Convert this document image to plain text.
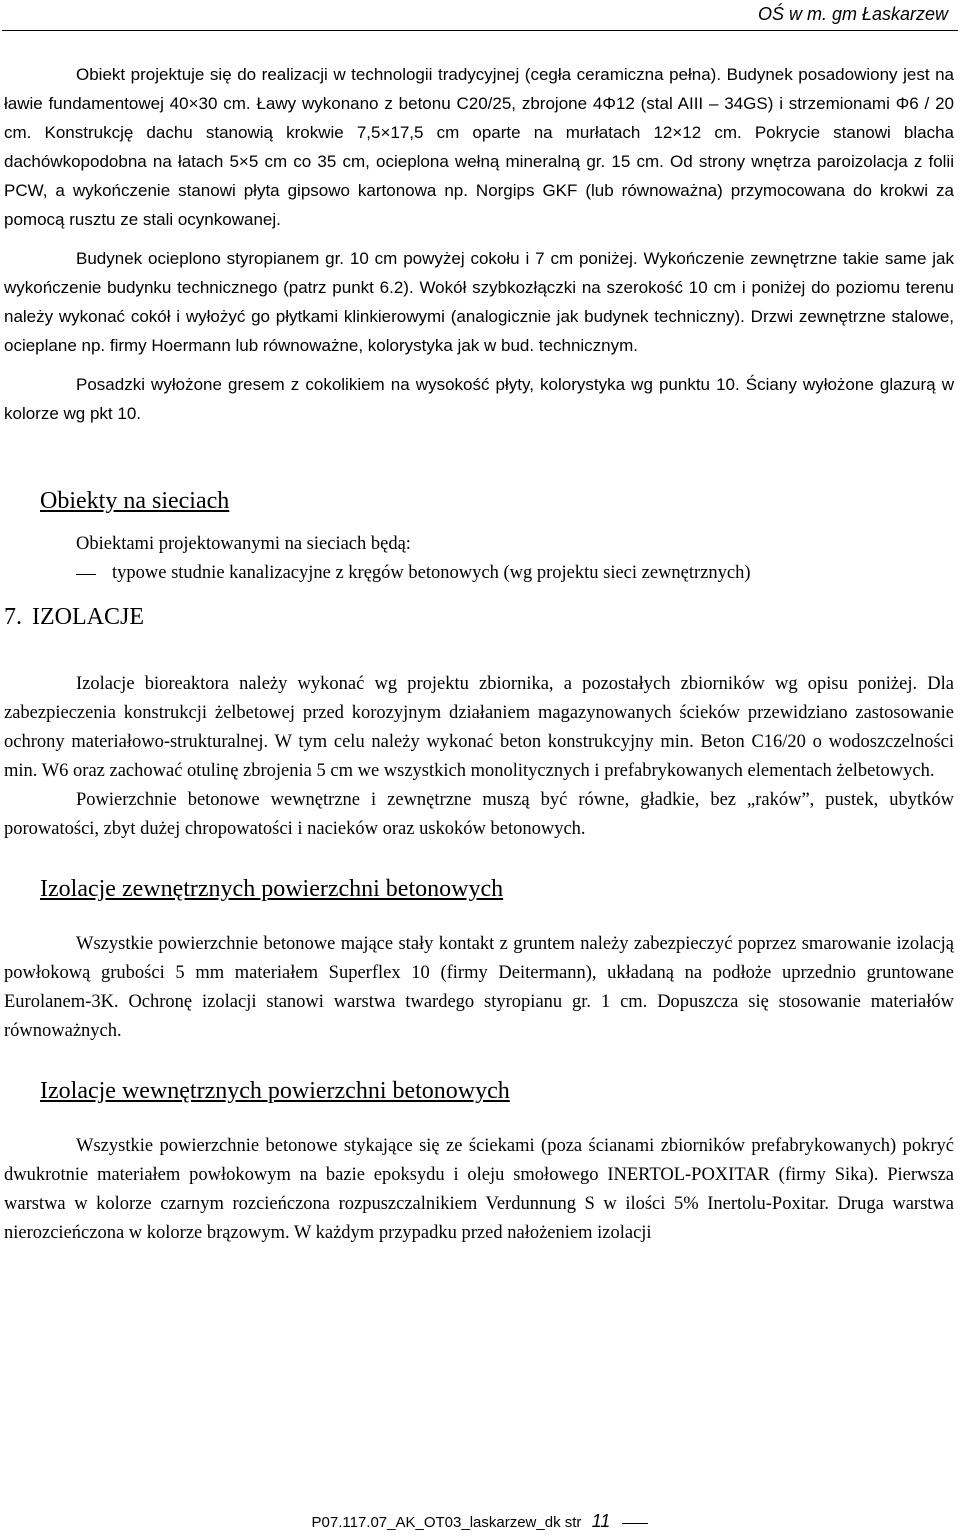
OŚ w m. gm Łaskarzew

Obiekt projektuje się do realizacji w technologii tradycyjnej (cegła ceramiczna pełna). Budynek posadowiony jest na ławie fundamentowej 40×30 cm. Ławy wykonano z betonu C20/25, zbrojone 4Φ12 (stal AIII – 34GS) i strzemionami Φ6 / 20 cm. Konstrukcję dachu stanowią krokwie 7,5×17,5 cm oparte na murłatach 12×12 cm. Pokrycie stanowi blacha dachówkopodobna na łatach 5×5 cm co 35 cm, ocieplona wełną mineralną gr. 15 cm. Od strony wnętrza paroizolacja z folii PCW, a wykończenie stanowi płyta gipsowo kartonowa np. Norgips GKF (lub równoważna) przymocowana do krokwi za pomocą rusztu ze stali ocynkowanej.

Budynek ocieplono styropianem gr. 10 cm powyżej cokołu i 7 cm poniżej. Wykończenie zewnętrzne takie same jak wykończenie budynku technicznego (patrz punkt 6.2). Wokół szybkozłączki na szerokość 10 cm i poniżej do poziomu terenu należy wykonać cokół i wyłożyć go płytkami klinkierowymi (analogicznie jak budynek techniczny). Drzwi zewnętrzne stalowe, ocieplane np. firmy Hoermann lub równoważne, kolorystyka jak w bud. technicznym.

Posadzki wyłożone gresem z cokolikiem na wysokość płyty, kolorystyka wg punktu 10. Ściany wyłożone glazurą w kolorze wg pkt 10.

Obiekty na sieciach

Obiektami projektowanymi na sieciach będą:

typowe studnie kanalizacyjne z kręgów betonowych (wg projektu sieci zewnętrznych)
7. IZOLACJE

Izolacje bioreaktora należy wykonać wg projektu zbiornika, a pozostałych zbiorników wg opisu poniżej. Dla zabezpieczenia konstrukcji żelbetowej przed korozyjnym działaniem magazynowanych ścieków przewidziano zastosowanie ochrony materiałowo-strukturalnej. W tym celu należy wykonać beton konstrukcyjny min. Beton C16/20 o wodoszczelności min. W6 oraz zachować otulinę zbrojenia 5 cm we wszystkich monolitycznych i prefabrykowanych elementach żelbetowych.

Powierzchnie betonowe wewnętrzne i zewnętrzne muszą być równe, gładkie, bez „raków”, pustek, ubytków porowatości, zbyt dużej chropowatości i nacieków oraz uskoków betonowych.

Izolacje zewnętrznych powierzchni betonowych

Wszystkie powierzchnie betonowe mające stały kontakt z gruntem należy zabezpieczyć poprzez smarowanie izolacją powłokową grubości 5 mm materiałem Superflex 10 (firmy Deitermann), układaną na podłoże uprzednio gruntowane Eurolanem-3K. Ochronę izolacji stanowi warstwa twardego styropianu gr. 1 cm. Dopuszcza się stosowanie materiałów równoważnych.

Izolacje wewnętrznych powierzchni betonowych

Wszystkie powierzchnie betonowe stykające się ze ściekami (poza ścianami zbiorników prefabrykowanych) pokryć dwukrotnie materiałem powłokowym na bazie epoksydu i oleju smołowego INERTOL-POXITAR (firmy Sika). Pierwsza warstwa w kolorze czarnym rozcieńczona rozpuszczalnikiem Verdunnung S w ilości 5% Inertolu-Poxitar. Druga warstwa nierozcieńczona w kolorze brązowym. W każdym przypadku przed nałożeniem izolacji

P07.117.07_AK_OT03_laskarzew_dk str 11
